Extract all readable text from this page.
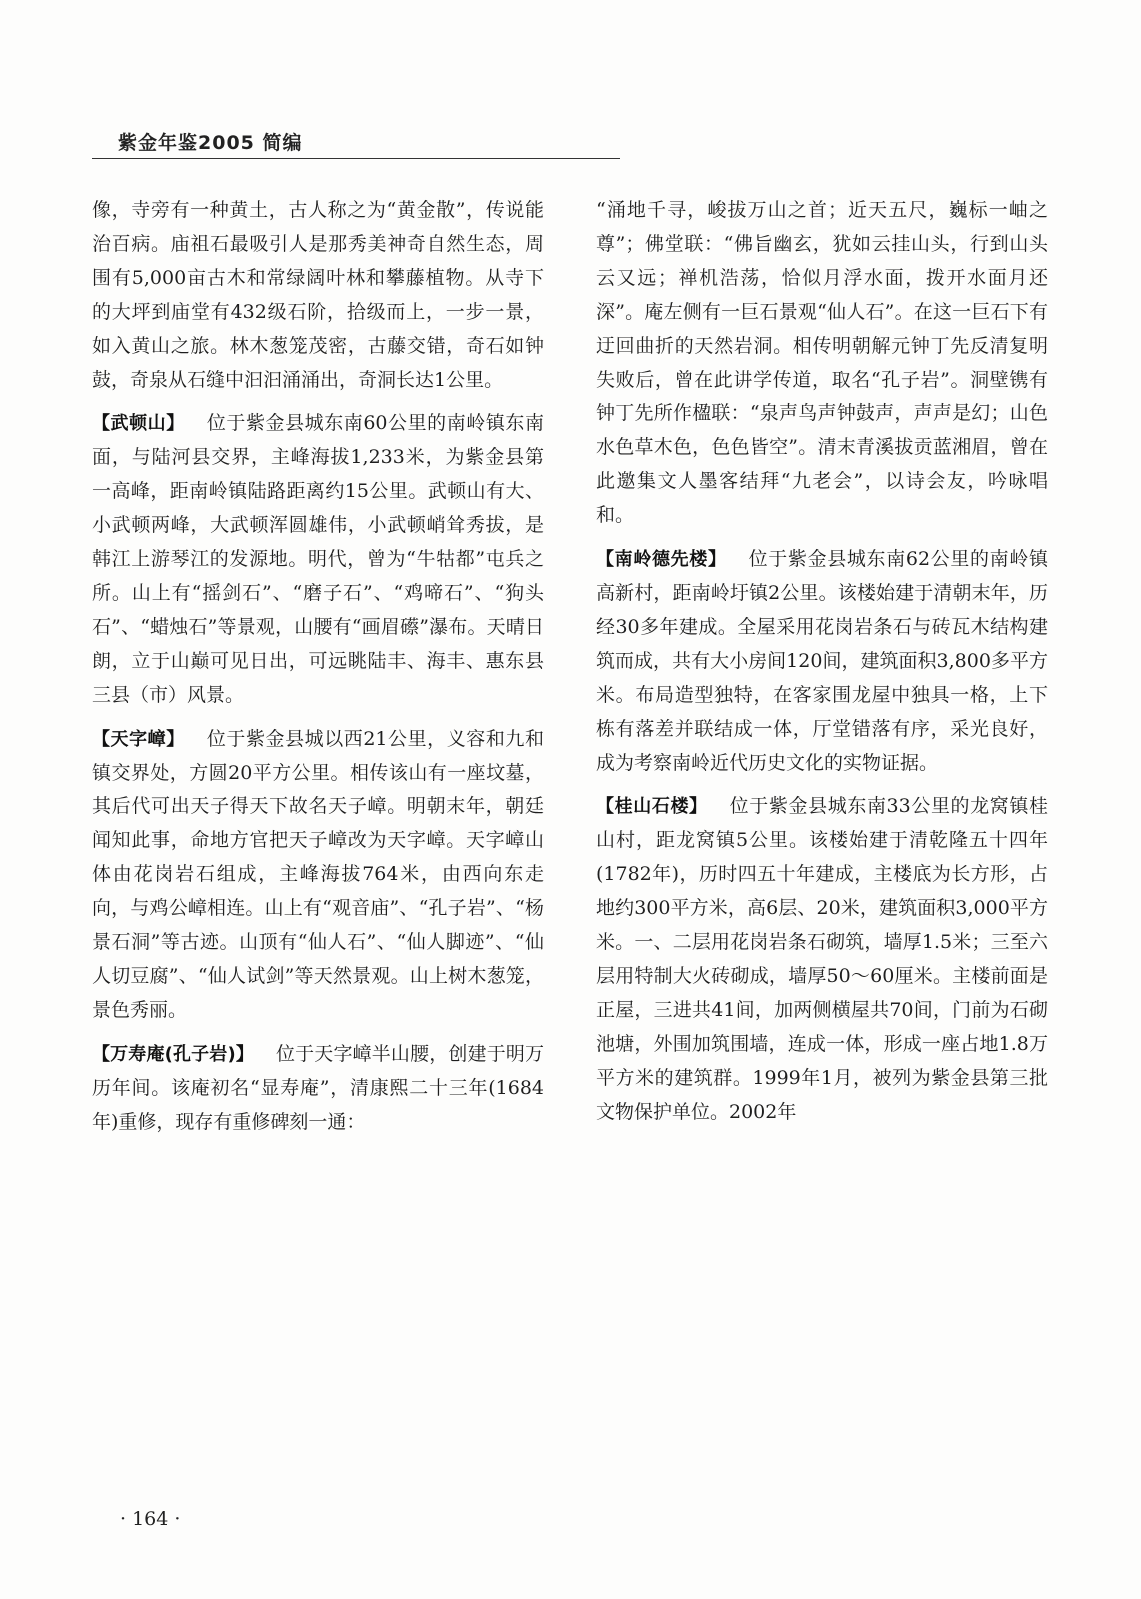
紫金年鉴2005 简编

像，寺旁有一种黄土，古人称之为“黄金散”，传说能治百病。庙祖石最吸引人是那秀美神奇自然生态，周围有5,000亩古木和常绿阔叶林和攀藤植物。从寺下的大坪到庙堂有432级石阶，拾级而上，一步一景，如入黄山之旅。林木葱笼茂密，古藤交错，奇石如钟鼓，奇泉从石缝中汩汩涌涌出，奇洞长达1公里。

【武顿山】 位于紫金县城东南60公里的南岭镇东南面，与陆河县交界，主峰海拔1,233米，为紫金县第一高峰，距南岭镇陆路距离约15公里。武顿山有大、小武顿两峰，大武顿浑圆雄伟，小武顿峭耸秀拔，是韩江上游琴江的发源地。明代，曾为“牛牯都”屯兵之所。山上有“摇剑石”、“磨子石”、“鸡啼石”、“狗头石”、“蜡烛石”等景观，山腰有“画眉礤”瀑布。天晴日朗，立于山巅可见日出，可远眺陆丰、海丰、惠东县三县（市）风景。

【天字嶂】 位于紫金县城以西21公里，义容和九和镇交界处，方圆20平方公里。相传该山有一座坟墓，其后代可出天子得天下故名天子嶂。明朝末年，朝廷闻知此事，命地方官把天子嶂改为天字嶂。天字嶂山体由花岗岩石组成，主峰海拔764米，由西向东走向，与鸡公嶂相连。山上有“观音庙”、“孔子岩”、“杨景石洞”等古迹。山顶有“仙人石”、“仙人脚迹”、“仙人切豆腐”、“仙人试剑”等天然景观。山上树木葱笼，景色秀丽。

【万寿庵(孔子岩)】 位于天字嶂半山腰，创建于明万历年间。该庵初名“显寿庵”，清康熙二十三年(1684年)重修，现存有重修碑刻一通：

“涌地千寻，峻拔万山之首；近天五尺，巍标一岫之尊”；佛堂联：“佛旨幽玄，犹如云挂山头，行到山头云又远；禅机浩荡，恰似月浮水面，拨开水面月还深”。庵左侧有一巨石景观“仙人石”。在这一巨石下有迂回曲折的天然岩洞。相传明朝解元钟丁先反清复明失败后，曾在此讲学传道，取名“孔子岩”。洞壁镌有钟丁先所作楹联：“泉声鸟声钟鼓声，声声是幻；山色水色草木色，色色皆空”。清末青溪拔贡蓝湘眉，曾在此邀集文人墨客结拜“九老会”，以诗会友，吟咏唱和。

【南岭德先楼】 位于紫金县城东南62公里的南岭镇高新村，距南岭圩镇2公里。该楼始建于清朝末年，历经30多年建成。全屋采用花岗岩条石与砖瓦木结构建筑而成，共有大小房间120间，建筑面积3,800多平方米。布局造型独特，在客家围龙屋中独具一格，上下栋有落差并联结成一体，厅堂错落有序，采光良好，成为考察南岭近代历史文化的实物证据。

【桂山石楼】 位于紫金县城东南33公里的龙窝镇桂山村，距龙窝镇5公里。该楼始建于清乾隆五十四年(1782年)，历时四五十年建成，主楼底为长方形，占地约300平方米，高6层、20米，建筑面积3,000平方米。一、二层用花岗岩条石砌筑，墙厚1.5米；三至六层用特制大火砖砌成，墙厚50～60厘米。主楼前面是正屋，三进共41间，加两侧横屋共70间，门前为石砌池塘，外围加筑围墙，连成一体，形成一座占地1.8万平方米的建筑群。1999年1月，被列为紫金县第三批文物保护单位。2002年

· 164 ·
